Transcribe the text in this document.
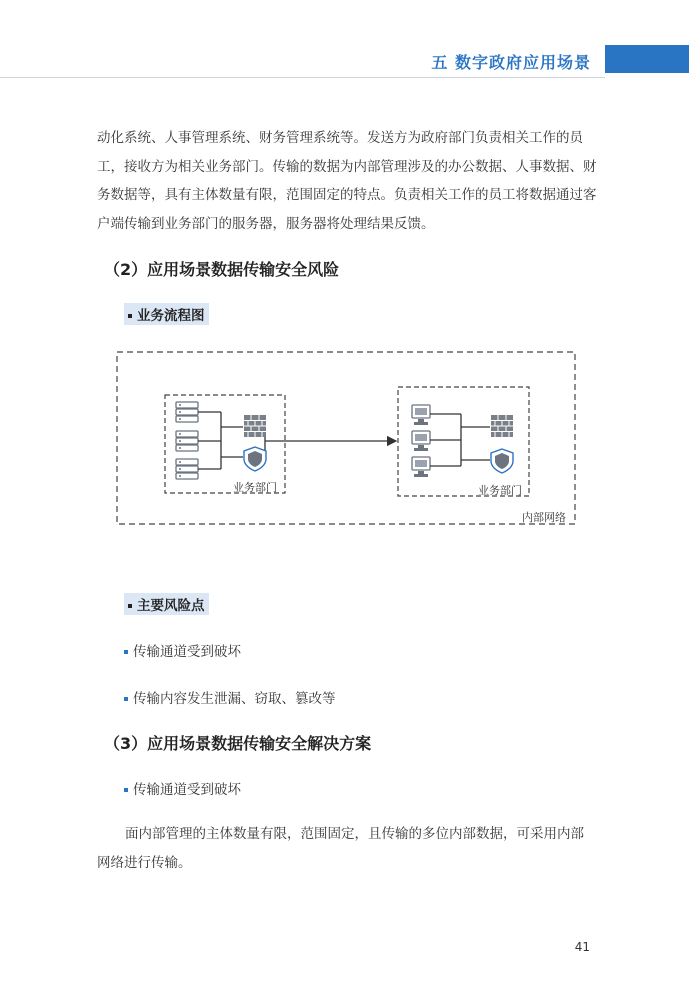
五 数字政府应用场景

动化系统、人事管理系统、财务管理系统等。发送方为政府部门负责相关工作的员工，接收方为相关业务部门。传输的数据为内部管理涉及的办公数据、人事数据、财务数据等，具有主体数量有限，范围固定的特点。负责相关工作的员工将数据通过客户端传输到业务部门的服务器，服务器将处理结果反馈。

（2）应用场景数据传输安全风险
业务流程图
内部网络
业务部门	业务部门
主要风险点
传输通道受到破坏
传输内容发生泄漏、窃取、篡改等
（3）应用场景数据传输安全解决方案
传输通道受到破坏

面内部管理的主体数量有限，范围固定，且传输的多位内部数据，可采用内部网络进行传输。

41
